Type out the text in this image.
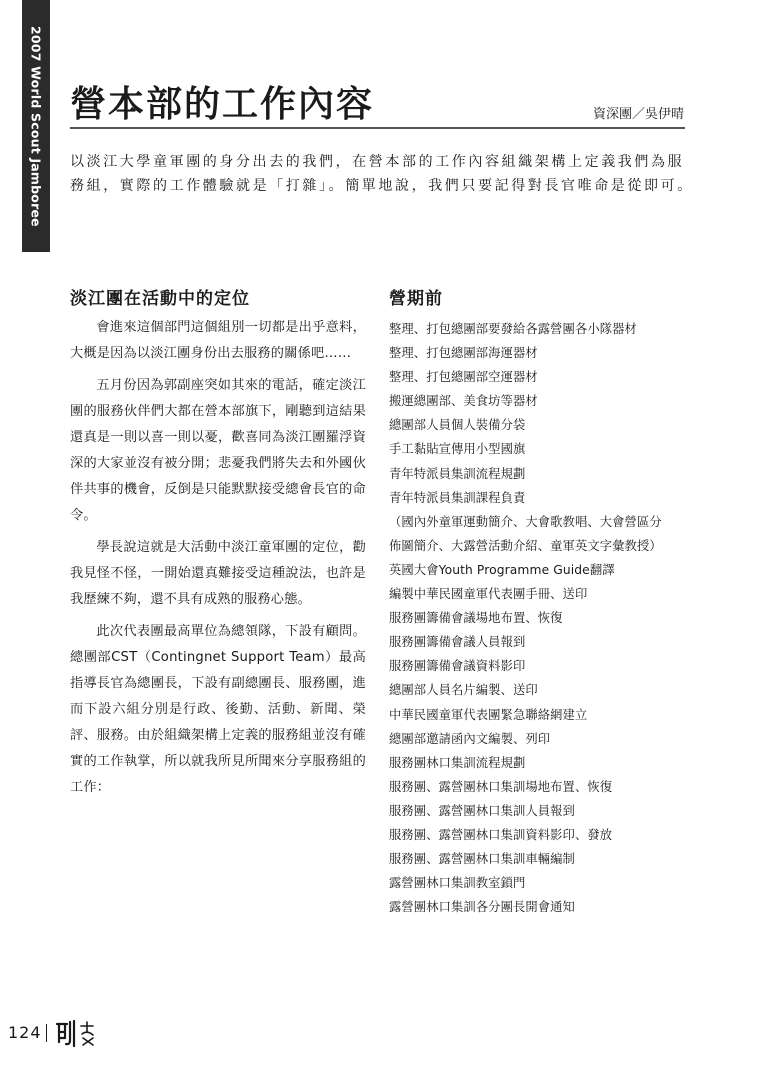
2007 World Scout Jamboree 營本部的工作內容	資深團／吳伊晴

以淡江大學童軍團的身分出去的我們，在營本部的工作內容組織架構上定義我們為服務組，實際的工作體驗就是「打雜」。簡單地說，我們只要記得對長官唯命是從即可。

淡江團在活動中的定位

會進來這個部門這個組別一切都是出乎意料，大概是因為以淡江團身份出去服務的關係吧……

五月份因為郭副座突如其來的電話，確定淡江團的服務伙伴們大都在營本部旗下，剛聽到這結果還真是一則以喜一則以憂，歡喜同為淡江團羅浮資深的大家並沒有被分開；悲憂我們將失去和外國伙伴共事的機會，反倒是只能默默接受總會長官的命令。

學長說這就是大活動中淡江童軍團的定位，勸我見怪不怪，一開始還真難接受這種說法，也許是我歷練不夠，還不具有成熟的服務心態。

此次代表團最高單位為總領隊，下設有顧問。總團部CST（Contingnet Support Team）最高指導長官為總團長，下設有副總團長、服務團，進而下設六組分別是行政、後勤、活動、新聞、榮評、服務。由於組織架構上定義的服務組並沒有確實的工作執掌，所以就我所見所聞來分享服務組的工作：

營期前
整理、打包總團部要發給各露營團各小隊器材
整理、打包總團部海運器材
整理、打包總團部空運器材
搬運總團部、美食坊等器材
總團部人員個人裝備分袋
手工黏貼宣傳用小型國旗
青年特派員集訓流程規劃
青年特派員集訓課程負責
（國內外童軍運動簡介、大會歌教唱、大會營區分
佈圖簡介、大露營活動介紹、童軍英文字彙教授）
英國大會Youth Programme Guide翻譯
編製中華民國童軍代表團手冊、送印
服務團籌備會議場地布置、恢復
服務團籌備會議人員報到
服務團籌備會議資料影印
總團部人員名片編製、送印
中華民國童軍代表團緊急聯絡網建立
總團部邀請函內文編製、列印
服務團林口集訓流程規劃
服務團、露營團林口集訓場地布置、恢復
服務團、露營團林口集訓人員報到
服務團、露營團林口集訓資料影印、發放
服務團、露營團林口集訓車輛編制
露營團林口集訓教室鎖門
露營團林口集訓各分團長開會通知
124
